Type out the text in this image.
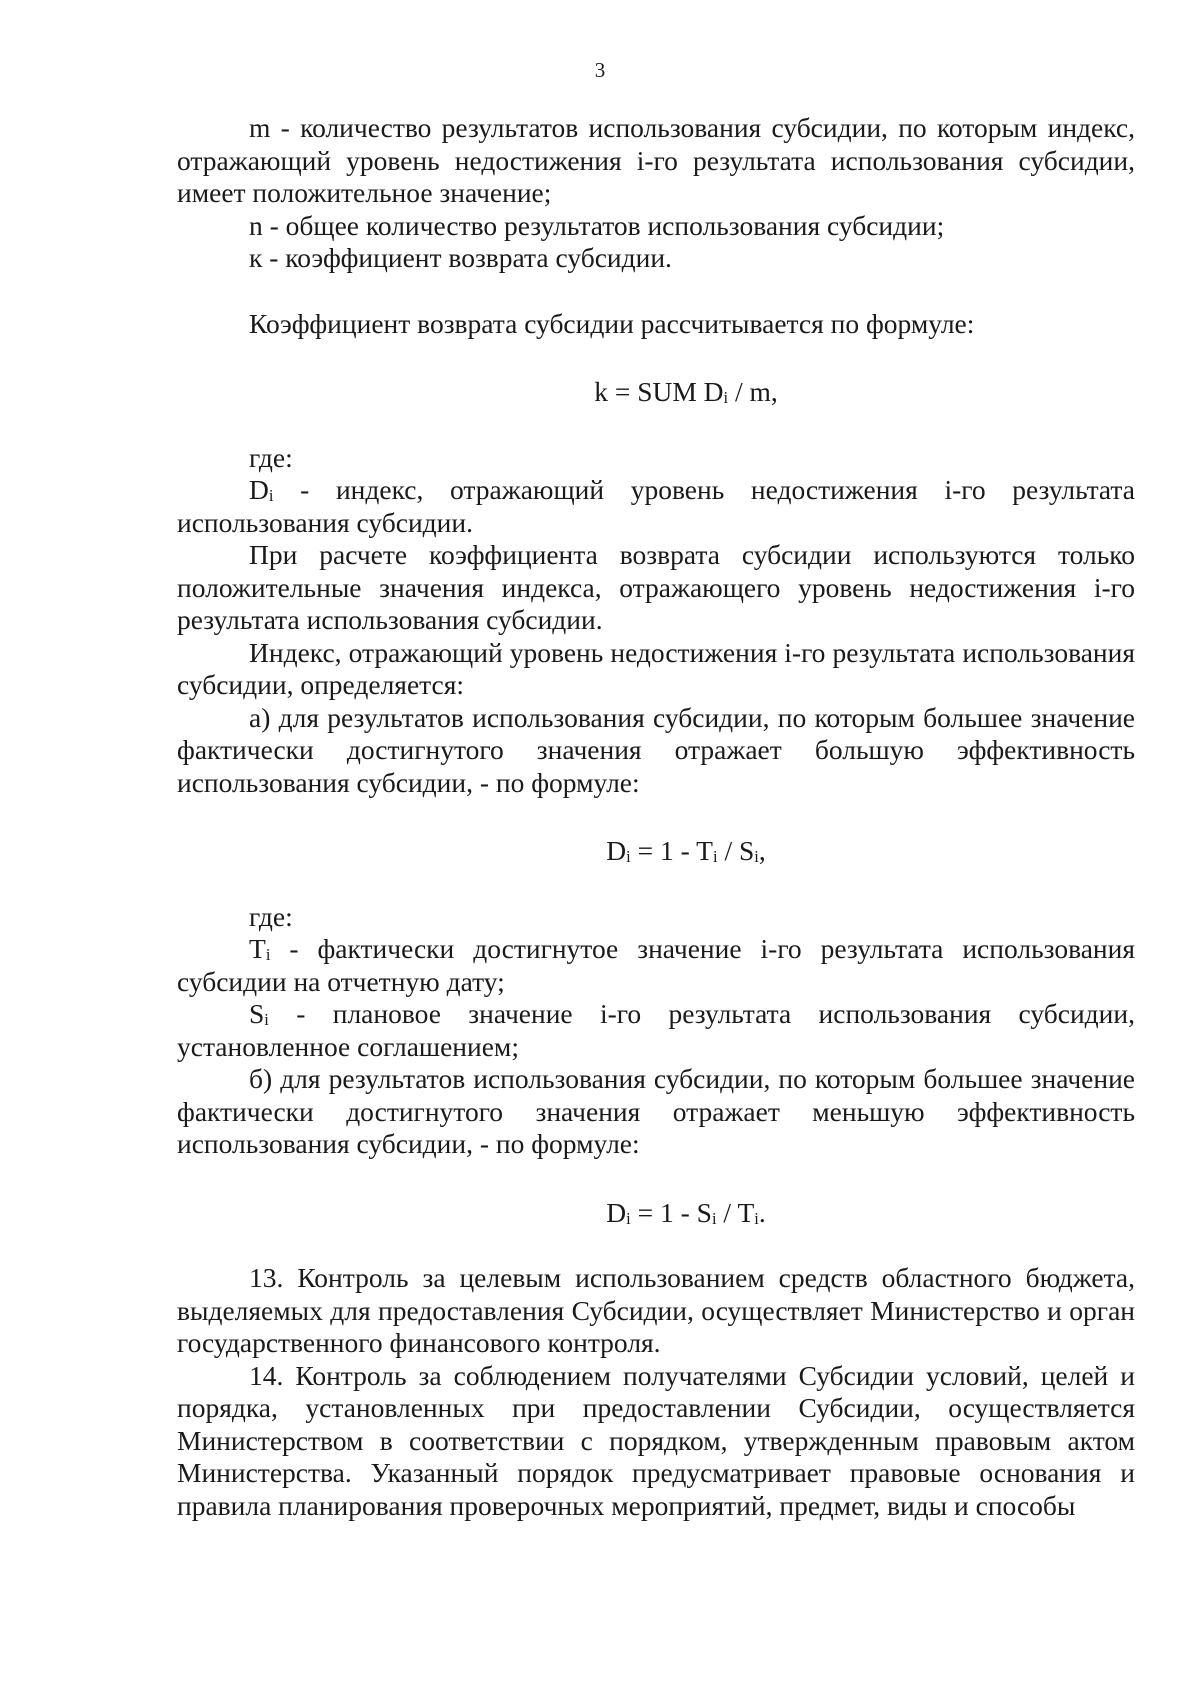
3

m - количество результатов использования субсидии, по которым индекс, отражающий уровень недостижения i-го результата использования субсидии, имеет положительное значение;

n - общее количество результатов использования субсидии;

к - коэффициент возврата субсидии.

Коэффициент возврата субсидии рассчитывается по формуле:

k = SUM $D_i$ / m,

где:

$D_i$ - индекс, отражающий уровень недостижения i-го результата использования субсидии.

При расчете коэффициента возврата субсидии используются только положительные значения индекса, отражающего уровень недостижения i-го результата использования субсидии.

Индекс, отражающий уровень недостижения i-го результата использования субсидии, определяется:

а) для результатов использования субсидии, по которым большее значение фактически достигнутого значения отражает большую эффективность использования субсидии, - по формуле:

$D_i = 1 - T_i / S_i$,

где:

$T_i$ - фактически достигнутое значение i-го результата использования субсидии на отчетную дату;

$S_i$ - плановое значение i-го результата использования субсидии, установленное соглашением;

б) для результатов использования субсидии, по которым большее значение фактически достигнутого значения отражает меньшую эффективность использования субсидии, - по формуле:

$D_i = 1 - S_i / T_i$.

13. Контроль за целевым использованием средств областного бюджета, выделяемых для предоставления Субсидии, осуществляет Министерство и орган государственного финансового контроля.

14. Контроль за соблюдением получателями Субсидии условий, целей и порядка, установленных при предоставлении Субсидии, осуществляется Министерством в соответствии с порядком, утвержденным правовым актом Министерства. Указанный порядок предусматривает правовые основания и правила планирования проверочных мероприятий, предмет, виды и способы
